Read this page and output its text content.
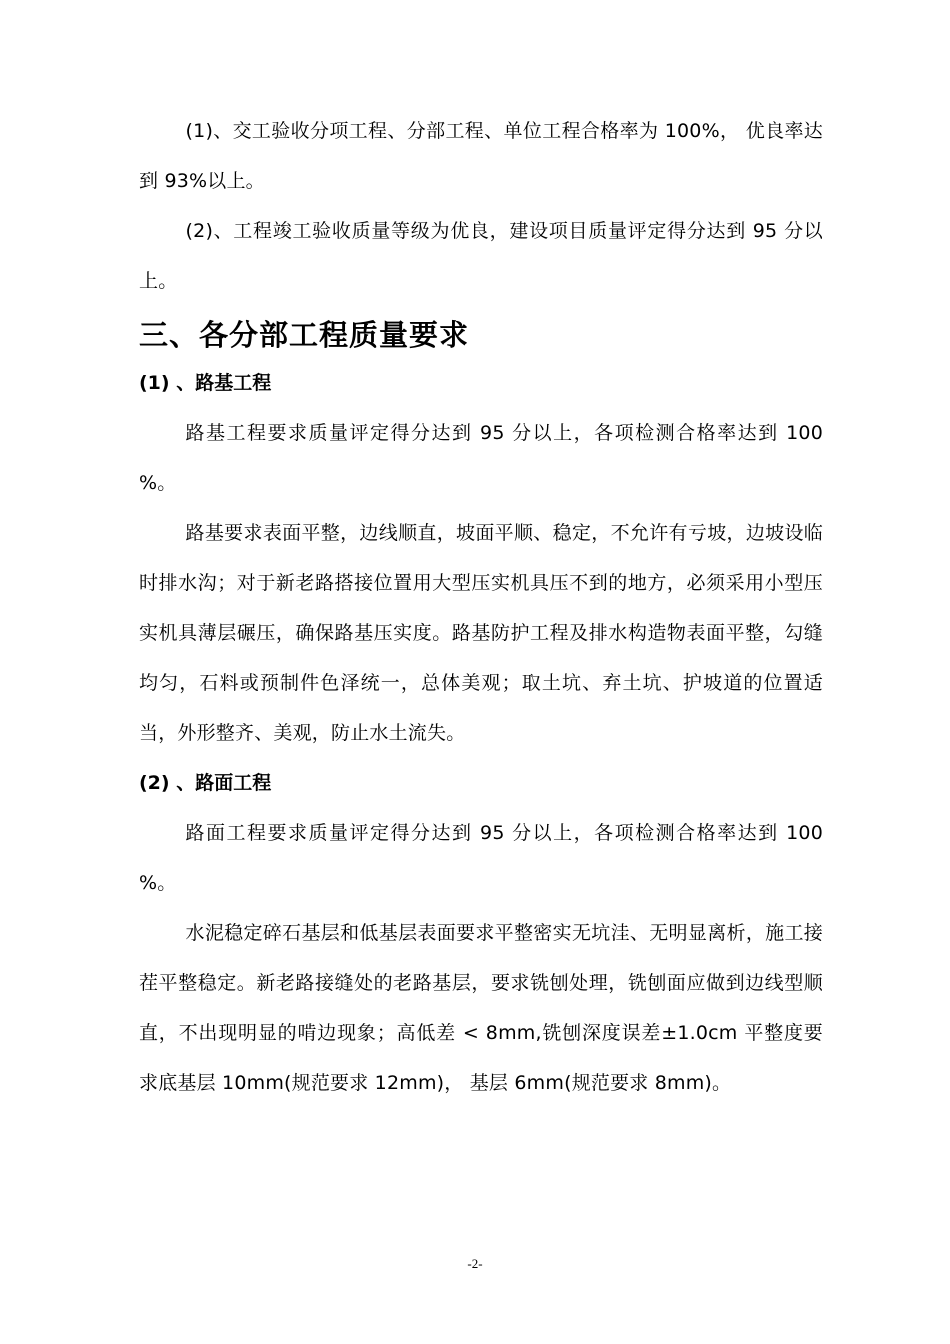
(1)、交工验收分项工程、分部工程、单位工程合格率为 100%， 优良率达到 93%以上。

(2)、工程竣工验收质量等级为优良，建设项目质量评定得分达到 95 分以上。

三、各分部工程质量要求
(1) 、路基工程

路基工程要求质量评定得分达到 95 分以上，各项检测合格率达到 100 %。

路基要求表面平整，边线顺直，坡面平顺、稳定，不允许有亏坡，边坡设临时排水沟；对于新老路搭接位置用大型压实机具压不到的地方，必须采用小型压实机具薄层碾压，确保路基压实度。路基防护工程及排水构造物表面平整，勾缝均匀，石料或预制件色泽统一，总体美观；取土坑、弃土坑、护坡道的位置适当，外形整齐、美观，防止水土流失。

(2) 、路面工程

路面工程要求质量评定得分达到 95 分以上，各项检测合格率达到 100 %。

水泥稳定碎石基层和低基层表面要求平整密实无坑洼、无明显离析，施工接茬平整稳定。新老路接缝处的老路基层，要求铣刨处理，铣刨面应做到边线型顺直，不出现明显的啃边现象；高低差 < 8mm,铣刨深度误差±1.0cm 平整度要求底基层 10mm(规范要求 12mm)， 基层 6mm(规范要求 8mm)。

-2-
